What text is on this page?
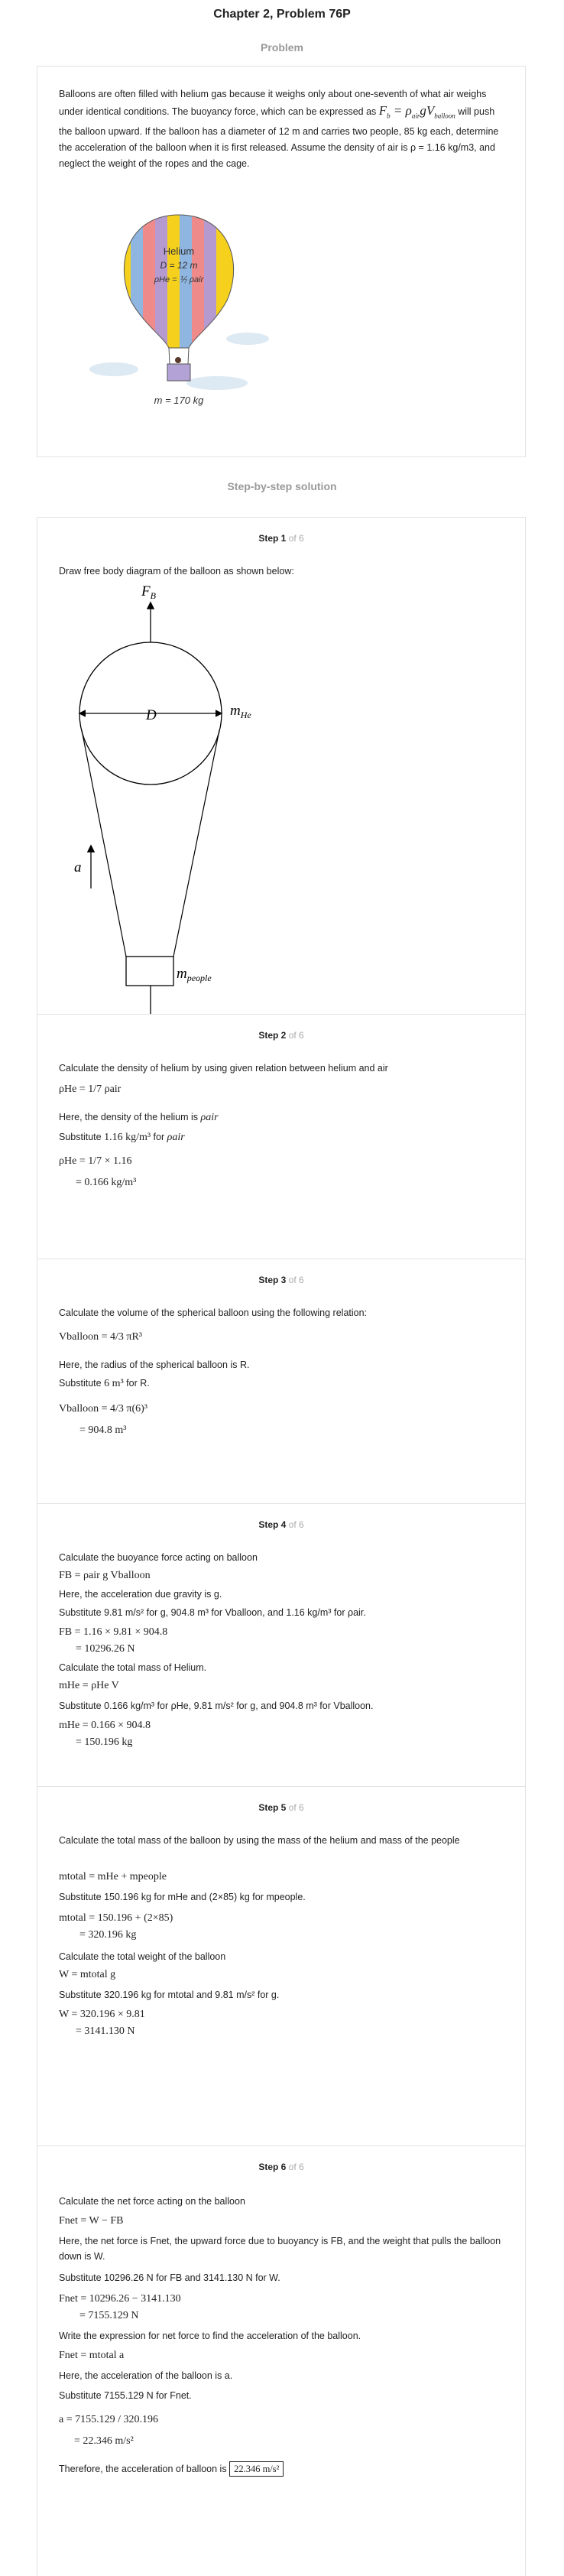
Chapter 2, Problem 76P
Problem
Balloons are often filled with helium gas because it weighs only about one-seventh of what air weighs under identical conditions. The buoyancy force, which can be expressed as $F_b = \rho_{air}gV_{balloon}$ will push the balloon upward. If the balloon has a diameter of 12 m and carries two people, 85 kg each, determine the acceleration of the balloon when it is first released. Assume the density of air is ρ = 1.16 kg/m3, and neglect the weight of the ropes and the cage.
Helium
D = 12 m
ρHe = ⅟₇ ρair
m = 170 kg
Step-by-step solution
Step 1 of 6
Draw free body diagram of the balloon as shown below:
$F_B$
D	$m_{He}$
a
$m_{people}$
Step 2 of 6
Calculate the density of helium by using given relation between helium and air
ρHe = 1/7 ρair
Here, the density of the helium is ρair
Substitute 1.16 kg/m³ for ρair
ρHe = 1/7 × 1.16
= 0.166 kg/m³
Step 3 of 6
Calculate the volume of the spherical balloon using the following relation:
Vballoon = 4/3 πR³
Here, the radius of the spherical balloon is R.
Substitute 6 m³ for R.
Vballoon = 4/3 π(6)³
= 904.8 m³
Step 4 of 6
Calculate the buoyance force acting on balloon
FB = ρair g Vballoon
Here, the acceleration due gravity is g.
Substitute 9.81 m/s² for g, 904.8 m³ for Vballoon, and 1.16 kg/m³ for ρair.
FB = 1.16 × 9.81 × 904.8
= 10296.26 N
Calculate the total mass of Helium.
mHe = ρHe V
Substitute 0.166 kg/m³ for ρHe, 9.81 m/s² for g, and 904.8 m³ for Vballoon.
mHe = 0.166 × 904.8
= 150.196 kg
Step 5 of 6
Calculate the total mass of the balloon by using the mass of the helium and mass of the people
mtotal = mHe + mpeople
Substitute 150.196 kg for mHe and (2×85) kg for mpeople.
mtotal = 150.196 + (2×85)
= 320.196 kg
Calculate the total weight of the balloon
W = mtotal g
Substitute 320.196 kg for mtotal and 9.81 m/s² for g.
W = 320.196 × 9.81
= 3141.130 N
Step 6 of 6
Calculate the net force acting on the balloon
Fnet = W − FB
Here, the net force is Fnet, the upward force due to buoyancy is FB, and the weight that pulls the balloon down is W.
Substitute 10296.26 N for FB and 3141.130 N for W.
Fnet = 10296.26 − 3141.130
= 7155.129 N
Write the expression for net force to find the acceleration of the balloon.
Fnet = mtotal a
Here, the acceleration of the balloon is a.
Substitute 7155.129 N for Fnet.
a = 7155.129 / 320.196
= 22.346 m/s²
Therefore, the acceleration of balloon is 22.346 m/s²
